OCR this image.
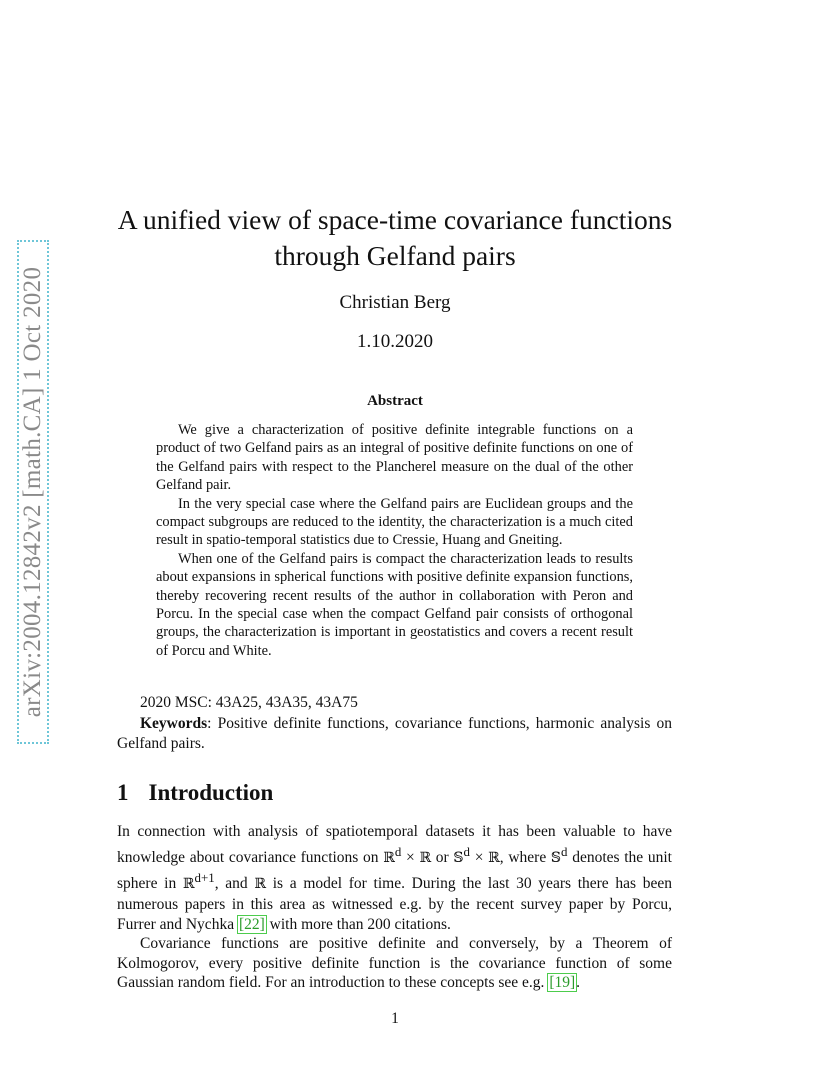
arXiv:2004.12842v2 [math.CA] 1 Oct 2020
A unified view of space-time covariance functions
through Gelfand pairs
Christian Berg
1.10.2020
Abstract

We give a characterization of positive definite integrable functions on a product of two Gelfand pairs as an integral of positive definite functions on one of the Gelfand pairs with respect to the Plancherel measure on the dual of the other Gelfand pair.

In the very special case where the Gelfand pairs are Euclidean groups and the compact subgroups are reduced to the identity, the characterization is a much cited result in spatio-temporal statistics due to Cressie, Huang and Gneiting.

When one of the Gelfand pairs is compact the characterization leads to results about expansions in spherical functions with positive definite expansion functions, thereby recovering recent results of the author in collaboration with Peron and Porcu. In the special case when the compact Gelfand pair consists of orthogonal groups, the characterization is important in geostatistics and covers a recent result of Porcu and White.

2020 MSC: 43A25, 43A35, 43A75
Keywords: Positive definite functions, covariance functions, harmonic analysis on Gelfand pairs.
1 Introduction

In connection with analysis of spatiotemporal datasets it has been valuable to have knowledge about covariance functions on ℝ$^d$ × ℝ or 𝕊$^d$ × ℝ, where 𝕊$^d$ denotes the unit sphere in ℝ$^{d+1}$, and ℝ is a model for time. During the last 30 years there has been numerous papers in this area as witnessed e.g. by the recent survey paper by Porcu, Furrer and Nychka [22] with more than 200 citations.

Covariance functions are positive definite and conversely, by a Theorem of Kolmogorov, every positive definite function is the covariance function of some Gaussian random field. For an introduction to these concepts see e.g. [19].

1
